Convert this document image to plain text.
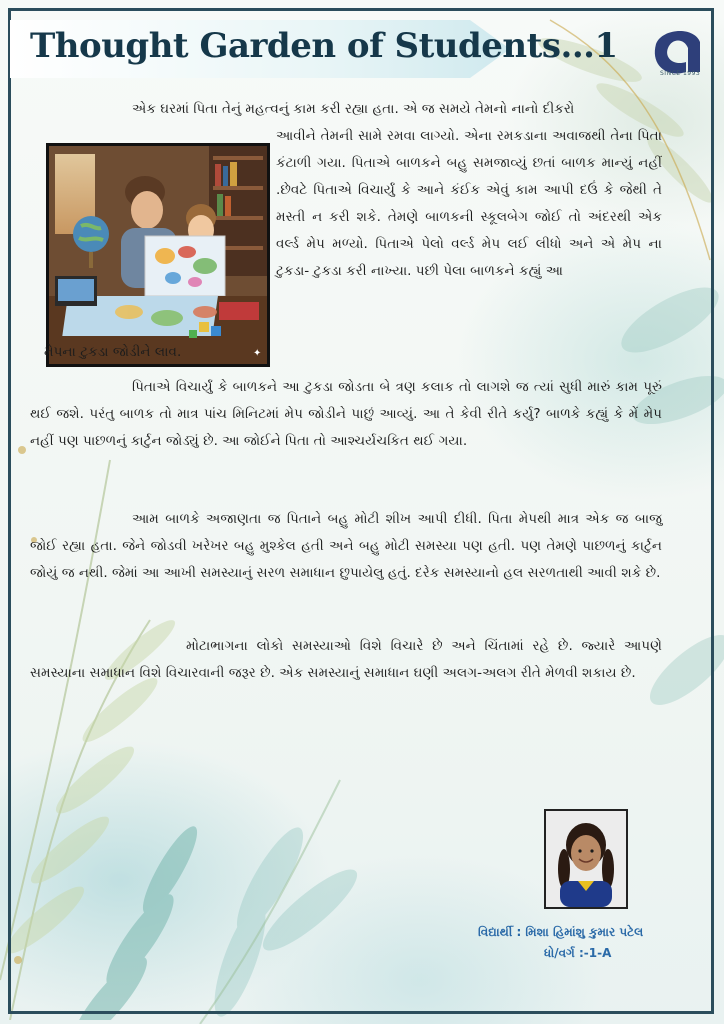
Thought Garden of Students...1
SINCE 1993
✦

એક ઘરમાં પિતા તેનું મહત્વનું કામ કરી રહ્યા હતા. એ જ સમયે તેમનો નાનો દીકરો

આવીને તેમની સામે રમવા લાગ્યો. એના રમકડાના અવાજથી તેના પિતા કંટાળી ગયા. પિતાએ બાળકને બહુ સમજાવ્યું છતાં બાળક માન્યું નહીં .છેવટે પિતાએ વિચાર્યું કે આને કંઈક એવું કામ આપી દઉં કે જેથી તે મસ્તી ન કરી શકે. તેમણે બાળકની સ્કૂલબેગ જોઈ તો અંદરથી એક વર્લ્ડ મેપ મળ્યો. પિતાએ પેલો વર્લ્ડ મેપ લઈ લીધો અને એ મેપ ના ટુકડા- ટુકડા કરી નાખ્યા. પછી પેલા બાળકને કહ્યું આ

મેપના ટુકડા જોડીને લાવ.

પિતાએ વિચાર્યું કે બાળકને આ ટુકડા જોડતા બે ત્રણ કલાક તો લાગશે જ ત્યાં સુધી મારું કામ પૂરું થઈ જશે. પરંતુ બાળક તો માત્ર પાંચ મિનિટમાં મેપ જોડીને પાછું આવ્યું. આ તે કેવી રીતે કર્યુ? બાળકે કહ્યું કે મેં મેપ નહીં પણ પાછળનું કાર્ટુન જોડ્યું છે. આ જોઈને પિતા તો આશ્ચર્યચકિત થઈ ગયા.

આમ બાળકે અજાણતા જ પિતાને બહુ મોટી શીખ આપી દીધી. પિતા મેપથી માત્ર એક જ બાજુ જોઈ રહ્યા હતા. જેને જોડવી ખરેખર બહુ મુશ્કેલ હતી અને બહુ મોટી સમસ્યા પણ હતી. પણ તેમણે પાછળનું કાર્ટુન જોયું જ નથી. જેમાં આ આખી સમસ્યાનું સરળ સમાધાન છુપાયેલુ હતું. દરેક સમસ્યાનો હલ સરળતાથી આવી શકે છે.

મોટાભાગના લોકો સમસ્યાઓ વિશે વિચારે છે અને ચિંતામાં રહે છે. જ્યારે આપણે સમસ્યાના સમાધાન વિશે વિચારવાની જરૂર છે. એક સમસ્યાનું સમાધાન ઘણી અલગ-અલગ રીતે મેળવી શકાય છે.

વિદ્યાર્થી : મિશા હિમાંશુ કુમાર પટેલ
ધો/વર્ગ :-1-A
